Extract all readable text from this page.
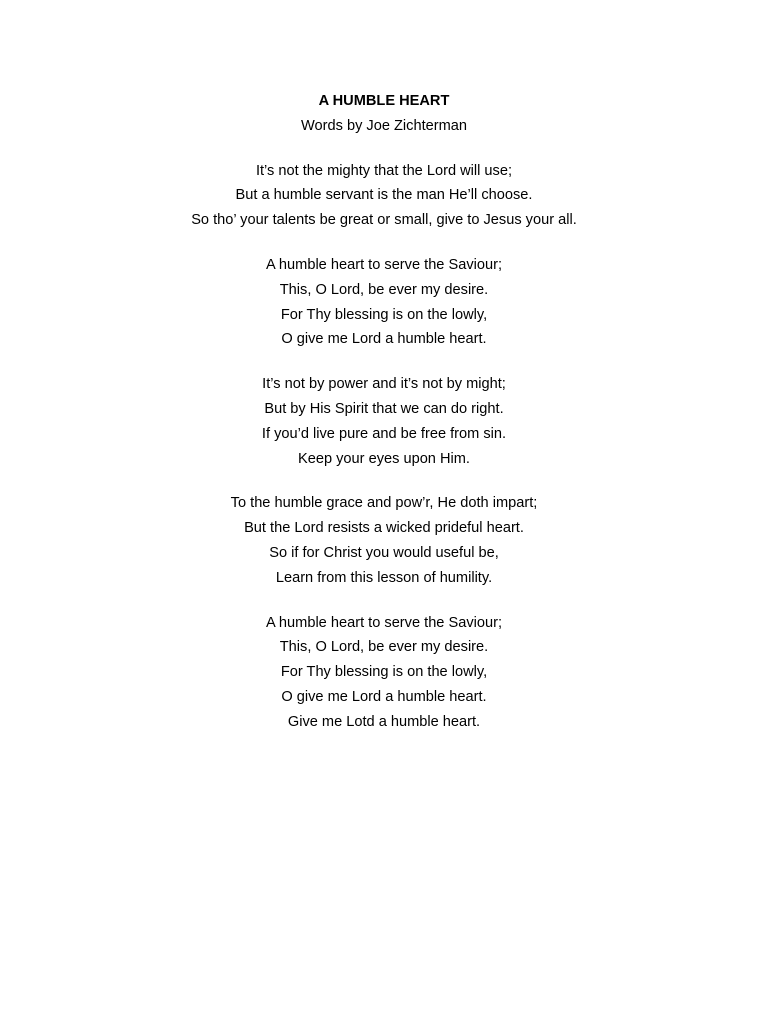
A HUMBLE HEART
Words by Joe Zichterman
It’s not the mighty that the Lord will use;
But a humble servant is the man He’ll choose.
So tho’ your talents be great or small, give to Jesus your all.
A humble heart to serve the Saviour;
This, O Lord, be ever my desire.
For Thy blessing is on the lowly,
O give me Lord a humble heart.
It’s not by power and it’s not by might;
But by His Spirit that we can do right.
If you’d live pure and be free from sin.
Keep your eyes upon Him.
To the humble grace and pow’r, He doth impart;
But the Lord resists a wicked prideful heart.
So if for Christ you would useful be,
Learn from this lesson of humility.
A humble heart to serve the Saviour;
This, O Lord, be ever my desire.
For Thy blessing is on the lowly,
O give me Lord a humble heart.
Give me Lotd a humble heart.
